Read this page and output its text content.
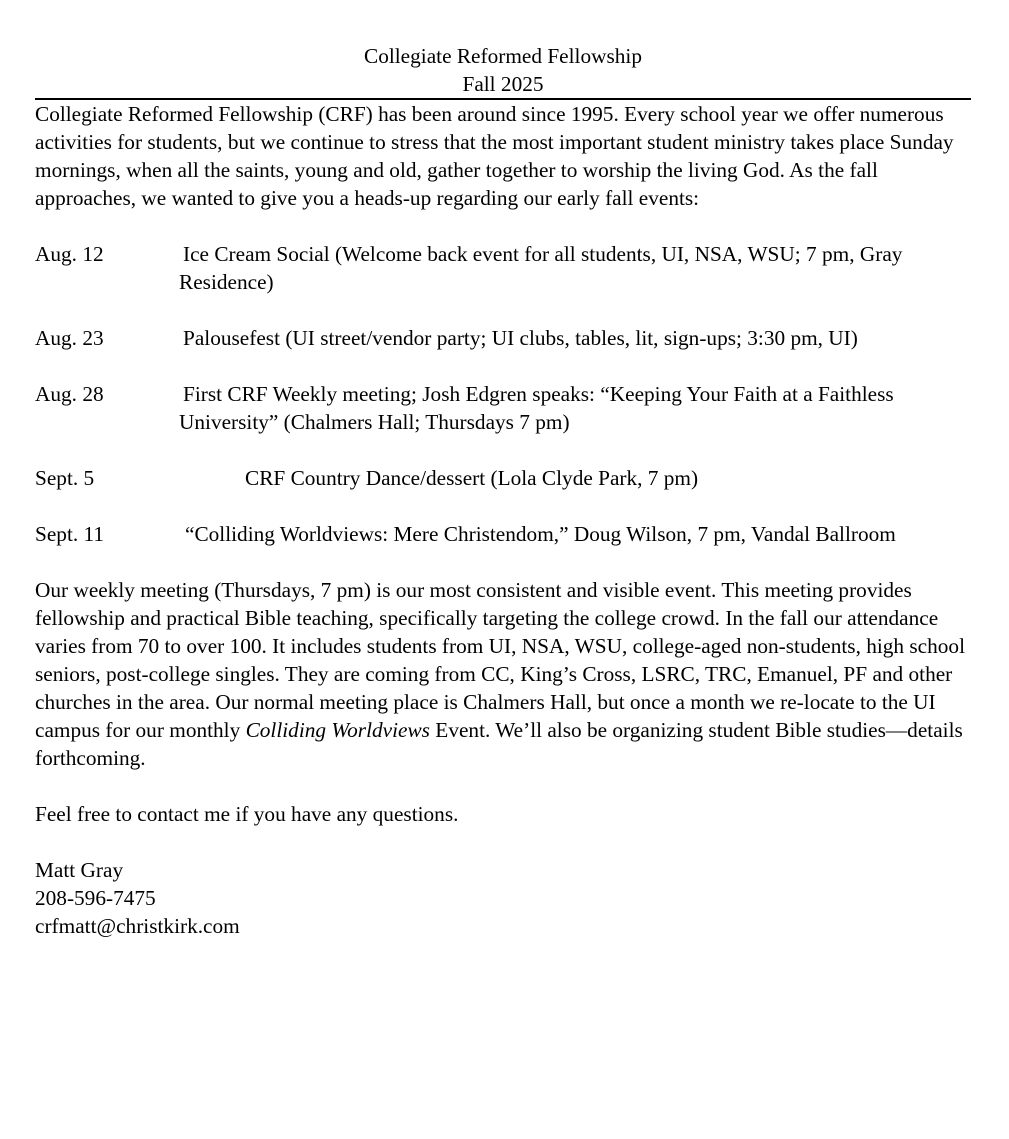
Collegiate Reformed Fellowship
Fall 2025

Collegiate Reformed Fellowship (CRF) has been around since 1995. Every school year we offer numerous activities for students, but we continue to stress that the most important student ministry takes place Sunday mornings, when all the saints, young and old, gather together to worship the living God. As the fall approaches, we wanted to give you a heads-up regarding our early fall events:

Aug. 12	Ice Cream Social (Welcome back event for all students, UI, NSA, WSU; 7 pm, Gray Residence)
Aug. 23	Palousefest (UI street/vendor party; UI clubs, tables, lit, sign-ups; 3:30 pm, UI)
Aug. 28	First CRF Weekly meeting; Josh Edgren speaks: “Keeping Your Faith at a Faithless University” (Chalmers Hall; Thursdays 7 pm)
Sept. 5	CRF Country Dance/dessert (Lola Clyde Park, 7 pm)
Sept. 11	“Colliding Worldviews: Mere Christendom,” Doug Wilson, 7 pm, Vandal Ballroom

Our weekly meeting (Thursdays, 7 pm) is our most consistent and visible event. This meeting provides fellowship and practical Bible teaching, specifically targeting the college crowd. In the fall our attendance varies from 70 to over 100. It includes students from UI, NSA, WSU, college-aged non-students, high school seniors, post-college singles. They are coming from CC, King’s Cross, LSRC, TRC, Emanuel, PF and other churches in the area. Our normal meeting place is Chalmers Hall, but once a month we re-locate to the UI campus for our monthly Colliding Worldviews Event. We’ll also be organizing student Bible studies—details forthcoming.

Feel free to contact me if you have any questions.

Matt Gray

208-596-7475

crfmatt@christkirk.com
